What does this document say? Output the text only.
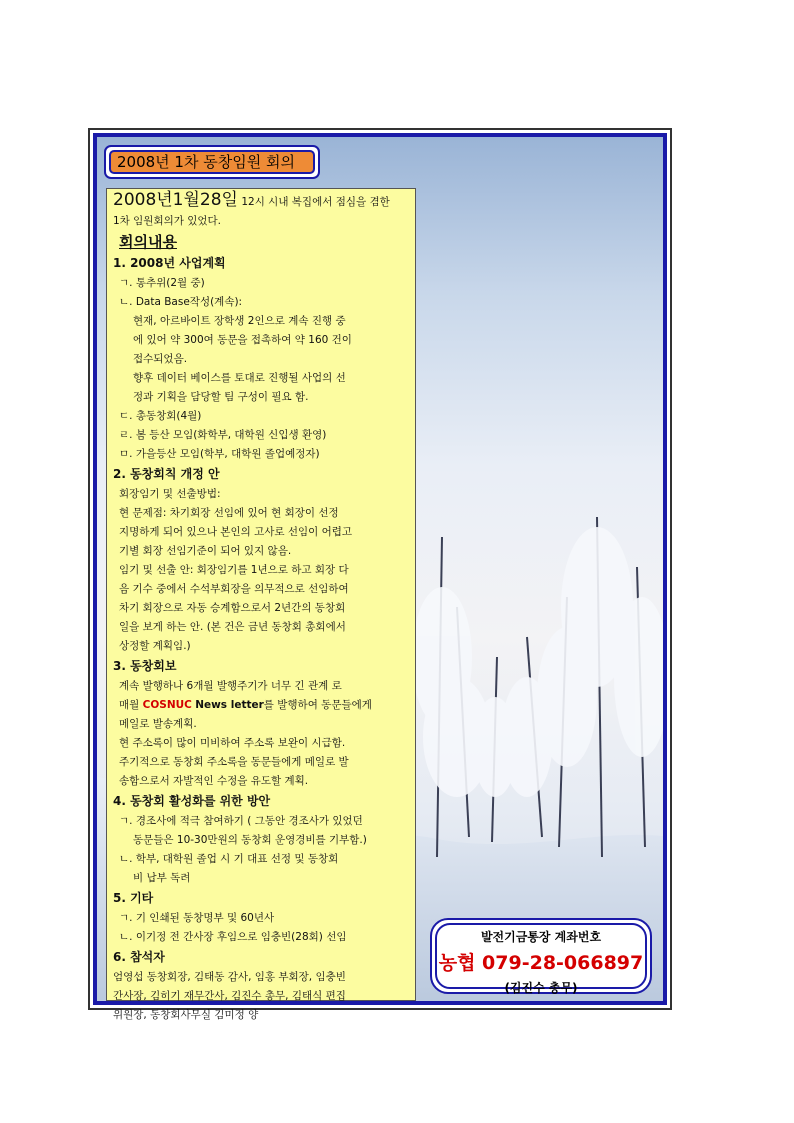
2008년 1차 동창임원 회의
2008년1월28일 12시 시내 복집에서 점심을 겸한
1차 임원회의가 있었다.
회의내용
1. 2008년 사업계획
ㄱ. 통추위(2월 중)
ㄴ. Data Base작성(계속):
현재, 아르바이트 장학생 2인으로 계속 진행 중
에 있어 약 300여 동문을 접촉하여 약 160 건이
접수되었음.
향후 데이터 베이스를 토대로 진행될 사업의 선
정과 기획을 담당할 팀 구성이 필요 함.
ㄷ. 총동창회(4월)
ㄹ. 봄 등산 모임(화학부, 대학원 신입생 환영)
ㅁ. 가을등산 모임(학부, 대학원 졸업예정자)
2. 동창회칙 개정 안
회장임기 및 선출방법:
현 문제점: 차기회장 선임에 있어 현 회장이 선정
지명하게 되어 있으나 본인의 고사로 선임이 어렵고
기별 회장 선임기준이 되어 있지 않음.
임기 및 선출 안: 회장임기를 1년으로 하고 회장 다
음 기수 중에서 수석부회장을 의무적으로 선임하여
차기 회장으로 자동 승계함으로서 2년간의 동창회
일을 보게 하는 안. (본 건은 금년 동창회 총회에서
상정할 계획임.)
3. 동창회보
계속 발행하나 6개월 발행주기가 너무 긴 관계 로
매월 COSNUC News letter를 발행하여 동문들에게
메일로 발송계획.
현 주소록이 많이 미비하여 주소록 보완이 시급함.
주기적으로 동창회 주소록을 동문들에게 메일로 발
송함으로서 자발적인 수정을 유도할 계획.
4. 동창회 활성화를 위한 방안
ㄱ. 경조사에 적극 참여하기 ( 그동안 경조사가 있었던
동문들은 10-30만원의 동창회 운영경비를 기부함.)
ㄴ. 학부, 대학원 졸업 시 기 대표 선정 및 동창회
비 납부 독려
5. 기타
ㄱ. 기 인쇄된 동창명부 및 60년사
ㄴ. 이기정 전 간사장 후임으로 임충빈(28회) 선임
6. 참석자
엄영섭 동창회장, 김태동 감사, 임홍 부회장, 임충빈
간사장, 김히기 재무간사, 김진수 총무, 김태식 편집
위원장, 동창회사무실 김미정 양
발전기금통장 계좌번호
농협 079-28-066897
(김진수 총무)
